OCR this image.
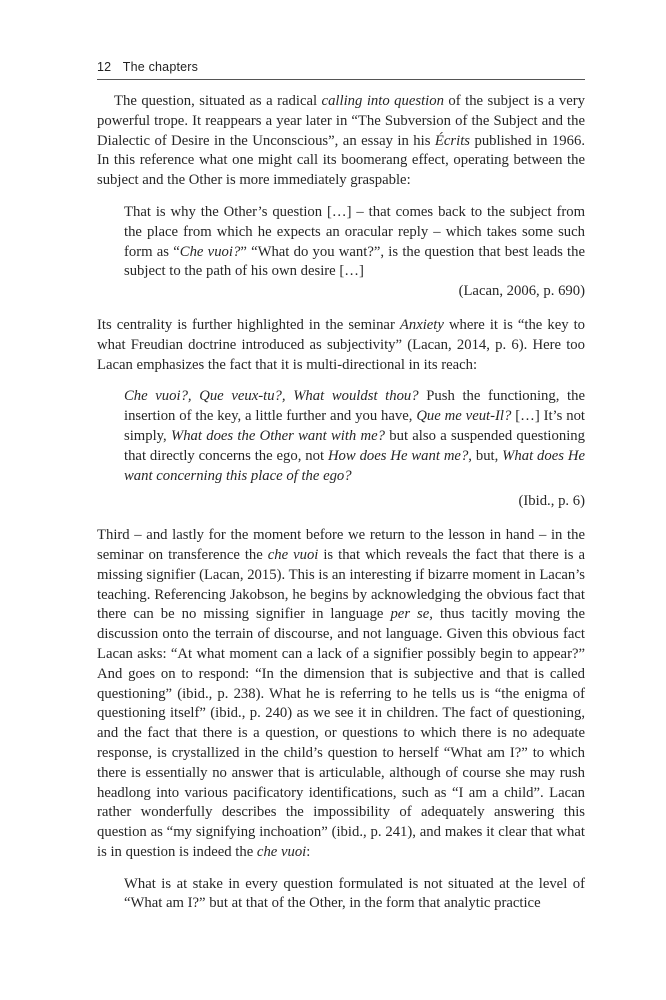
12 The chapters

The question, situated as a radical calling into question of the subject is a very powerful trope. It reappears a year later in “The Subversion of the Subject and the Dialectic of Desire in the Unconscious”, an essay in his Écrits published in 1966. In this reference what one might call its boomerang effect, operating between the subject and the Other is more immediately graspable:

That is why the Other’s question […] – that comes back to the subject from the place from which he expects an oracular reply – which takes some such form as “Che vuoi?” “What do you want?”, is the question that best leads the subject to the path of his own desire […]

(Lacan, 2006, p. 690)

Its centrality is further highlighted in the seminar Anxiety where it is “the key to what Freudian doctrine introduced as subjectivity” (Lacan, 2014, p. 6). Here too Lacan emphasizes the fact that it is multi-directional in its reach:

Che vuoi?, Que veux-tu?, What wouldst thou? Push the functioning, the insertion of the key, a little further and you have, Que me veut-Il? […] It’s not simply, What does the Other want with me? but also a suspended questioning that directly concerns the ego, not How does He want me?, but, What does He want concerning this place of the ego?

(Ibid., p. 6)

Third – and lastly for the moment before we return to the lesson in hand – in the seminar on transference the che vuoi is that which reveals the fact that there is a missing signifier (Lacan, 2015). This is an interesting if bizarre moment in Lacan’s teaching. Referencing Jakobson, he begins by acknowledging the obvious fact that there can be no missing signifier in language per se, thus tacitly moving the discussion onto the terrain of discourse, and not language. Given this obvious fact Lacan asks: “At what moment can a lack of a signifier possibly begin to appear?” And goes on to respond: “In the dimension that is subjective and that is called questioning” (ibid., p. 238). What he is referring to he tells us is “the enigma of questioning itself” (ibid., p. 240) as we see it in children. The fact of questioning, and the fact that there is a question, or questions to which there is no adequate response, is crystallized in the child’s question to herself “What am I?” to which there is essentially no answer that is articulable, although of course she may rush headlong into various pacificatory identifications, such as “I am a child”. Lacan rather wonderfully describes the impossibility of adequately answering this question as “my signifying inchoation” (ibid., p. 241), and makes it clear that what is in question is indeed the che vuoi:

What is at stake in every question formulated is not situated at the level of “What am I?” but at that of the Other, in the form that analytic practice
